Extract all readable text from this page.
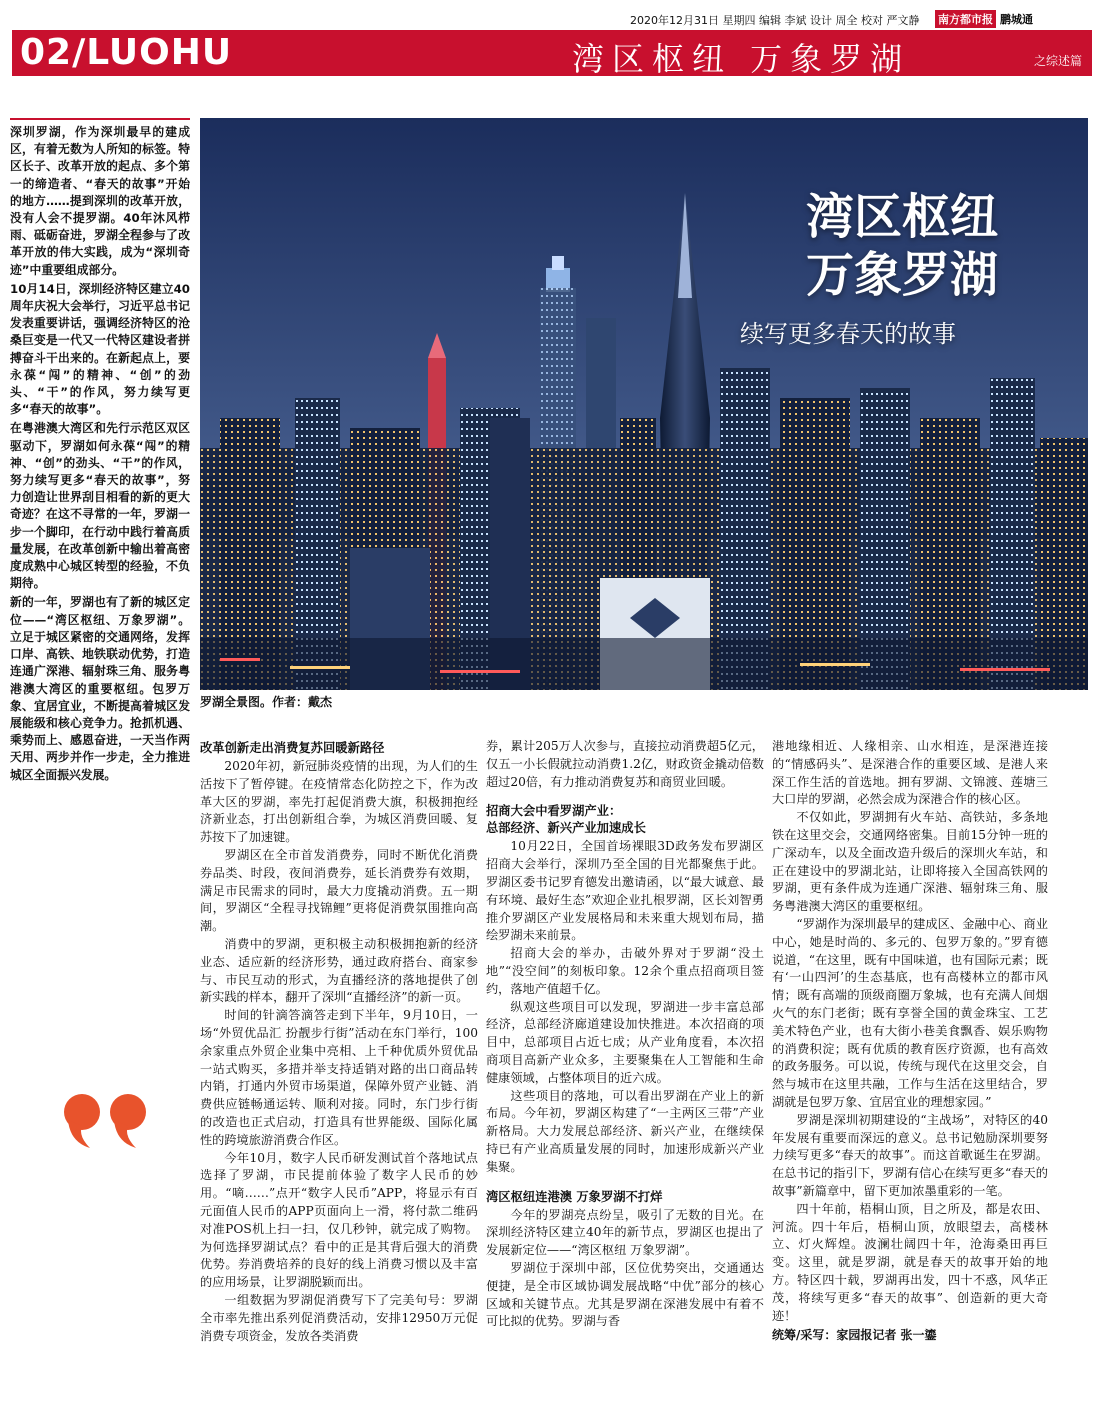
2020年12月31日 星期四 编辑 李斌 设计 周全 校对 严文静 南方都市报 鹏城通
02/LUOHU	湾区枢纽 万象罗湖	之综述篇

深圳罗湖，作为深圳最早的建成区，有着无数为人所知的标签。特区长子、改革开放的起点、多个第一的缔造者、“春天的故事”开始的地方……提到深圳的改革开放，没有人会不提罗湖。40年沐风栉雨、砥砺奋进，罗湖全程参与了改革开放的伟大实践，成为“深圳奇迹”中重要组成部分。

10月14日，深圳经济特区建立40周年庆祝大会举行，习近平总书记发表重要讲话，强调经济特区的沧桑巨变是一代又一代特区建设者拼搏奋斗干出来的。在新起点上，要永葆“闯”的精神、“创”的劲头、“干”的作风，努力续写更多“春天的故事”。

在粤港澳大湾区和先行示范区双区驱动下，罗湖如何永葆“闯”的精神、“创”的劲头、“干”的作风，努力续写更多“春天的故事”，努力创造让世界刮目相看的新的更大奇迹？在这不寻常的一年，罗湖一步一个脚印，在行动中践行着高质量发展，在改革创新中输出着高密度成熟中心城区转型的经验，不负期待。

新的一年，罗湖也有了新的城区定位——“湾区枢纽、万象罗湖”。立足于城区紧密的交通网络，发挥口岸、高铁、地铁联动优势，打造连通广深港、辐射珠三角、服务粤港澳大湾区的重要枢纽。包罗万象、宜居宜业，不断提高着城区发展能级和核心竞争力。抢抓机遇、乘势而上、感恩奋进，一天当作两天用、两步并作一步走，全力推进城区全面振兴发展。

湾区枢纽
万象罗湖
续写更多春天的故事
罗湖全景图。作者：戴杰
改革创新走出消费复苏回暖新路径

2020年初，新冠肺炎疫情的出现，为人们的生活按下了暂停键。在疫情常态化防控之下，作为改革大区的罗湖，率先打起促消费大旗，积极拥抱经济新业态，打出创新组合拳，为城区消费回暖、复苏按下了加速键。

罗湖区在全市首发消费券，同时不断优化消费券品类、时段，夜间消费券，延长消费券有效期，满足市民需求的同时，最大力度撬动消费。五一期间，罗湖区“全程寻找锦鲤”更将促消费氛围推向高潮。

消费中的罗湖，更积极主动积极拥抱新的经济业态、适应新的经济形势，通过政府搭台、商家参与、市民互动的形式，为直播经济的落地提供了创新实践的样本，翻开了深圳“直播经济”的新一页。

时间的针滴答滴答走到下半年，9月10日，一场“外贸优品汇 扮靓步行街”活动在东门举行，100余家重点外贸企业集中亮相、上千种优质外贸优品一站式购买，多措并举支持适销对路的出口商品转内销，打通内外贸市场渠道，保障外贸产业链、消费供应链畅通运转、顺利对接。同时，东门步行街的改造也正式启动，打造具有世界能级、国际化属性的跨境旅游消费合作区。

今年10月，数字人民币研发测试首个落地试点选择了罗湖，市民提前体验了数字人民币的妙用。“嘀……”点开“数字人民币”APP，将显示有百元面值人民币的APP页面向上一滑，将付款二维码对准POS机上扫一扫，仅几秒钟，就完成了购物。为何选择罗湖试点？看中的正是其背后强大的消费优势。券消费培养的良好的线上消费习惯以及丰富的应用场景，让罗湖脱颖而出。

一组数据为罗湖促消费写下了完美句号：罗湖全市率先推出系列促消费活动，安排12950万元促消费专项资金，发放各类消费

券，累计205万人次参与，直接拉动消费超5亿元，仅五一小长假就拉动消费1.2亿，财政资金撬动倍数超过20倍，有力推动消费复苏和商贸业回暖。

招商大会中看罗湖产业：
总部经济、新兴产业加速成长

10月22日，全国首场裸眼3D政务发布罗湖区招商大会举行，深圳乃至全国的目光都聚焦于此。罗湖区委书记罗育德发出邀请函，以“最大诚意、最有环境、最好生态”欢迎企业扎根罗湖，区长刘智勇推介罗湖区产业发展格局和未来重大规划布局，描绘罗湖未来前景。

招商大会的举办，击破外界对于罗湖“没土地”“没空间”的刻板印象。12余个重点招商项目签约，落地产值超千亿。

纵观这些项目可以发现，罗湖进一步丰富总部经济，总部经济廊道建设加快推进。本次招商的项目中，总部项目占近七成；从产业角度看，本次招商项目高新产业众多，主要聚集在人工智能和生命健康领域，占整体项目的近六成。

这些项目的落地，可以看出罗湖在产业上的新布局。今年初，罗湖区构建了“一主两区三带”产业新格局。大力发展总部经济、新兴产业，在继续保持已有产业高质量发展的同时，加速形成新兴产业集聚。

湾区枢纽连港澳 万象罗湖不打烊

今年的罗湖亮点纷呈，吸引了无数的目光。在深圳经济特区建立40年的新节点，罗湖区也提出了发展新定位——“湾区枢纽 万象罗湖”。

罗湖位于深圳中部，区位优势突出，交通通达便捷，是全市区域协调发展战略“中优”部分的核心区域和关键节点。尤其是罗湖在深港发展中有着不可比拟的优势。罗湖与香

港地缘相近、人缘相亲、山水相连，是深港连接的“情感码头”、是深港合作的重要区域、是港人来深工作生活的首选地。拥有罗湖、文锦渡、莲塘三大口岸的罗湖，必然会成为深港合作的核心区。

不仅如此，罗湖拥有火车站、高铁站，多条地铁在这里交会，交通网络密集。目前15分钟一班的广深动车，以及全面改造升级后的深圳火车站，和正在建设中的罗湖北站，让即将接入全国高铁网的罗湖，更有条件成为连通广深港、辐射珠三角、服务粤港澳大湾区的重要枢纽。

“罗湖作为深圳最早的建成区、金融中心、商业中心，她是时尚的、多元的、包罗万象的。”罗育德说道，“在这里，既有中国味道，也有国际元素；既有‘一山四河’的生态基底，也有高楼林立的都市风情；既有高端的顶级商圈万象城，也有充满人间烟火气的东门老街；既有享誉全国的黄金珠宝、工艺美术特色产业，也有大街小巷美食飘香、娱乐购物的消费积淀；既有优质的教育医疗资源，也有高效的政务服务。可以说，传统与现代在这里交会，自然与城市在这里共融，工作与生活在这里结合，罗湖就是包罗万象、宜居宜业的理想家园。”

罗湖是深圳初期建设的“主战场”，对特区的40年发展有重要而深远的意义。总书记勉励深圳要努力续写更多“春天的故事”。而这首歌诞生在罗湖。在总书记的指引下，罗湖有信心在续写更多“春天的故事”新篇章中，留下更加浓墨重彩的一笔。

四十年前，梧桐山顶，目之所及，都是农田、河流。四十年后，梧桐山顶，放眼望去，高楼林立、灯火辉煌。波澜壮阔四十年，沧海桑田再巨变。这里，就是罗湖，就是春天的故事开始的地方。特区四十载，罗湖再出发，四十不惑，风华正茂，将续写更多“春天的故事”、创造新的更大奇迹！

统筹/采写：家园报记者 张一鎏
